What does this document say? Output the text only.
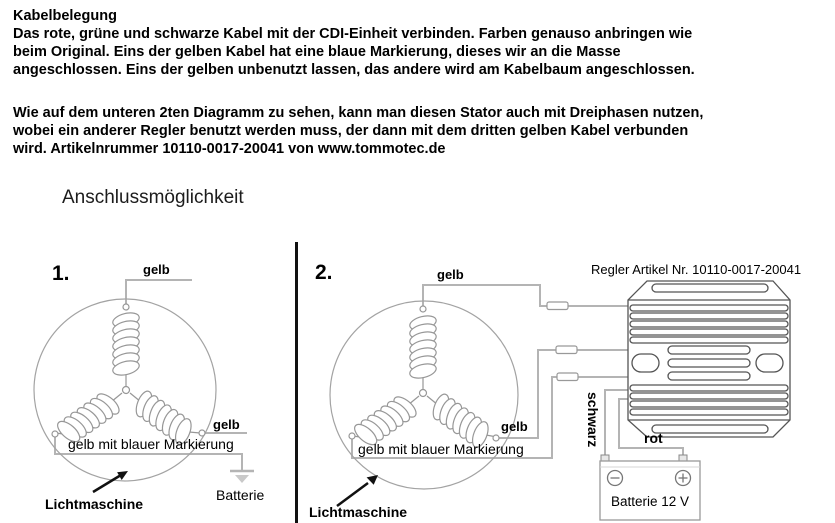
Kabelbelegung
Das rote, grüne und schwarze Kabel mit der CDI-Einheit verbinden. Farben genauso anbringen wie
beim Original. Eins der gelben Kabel hat eine blaue Markierung, dieses wir an die Masse
angeschlossen. Eins der gelben unbenutzt lassen, das andere wird am Kabelbaum angeschlossen.
Wie auf dem unteren 2ten Diagramm zu sehen, kann man diesen Stator auch mit Dreiphasen nutzen,
wobei ein anderer Regler benutzt werden muss, der dann mit dem dritten gelben Kabel verbunden
wird. Artikelnrummer 10110-0017-20041 von www.tommotec.de
Anschlussmöglichkeit
1.	gelb
gelb
gelb mit blauer Markierung
Lichtmaschine
Batterie
2.	Regler Artikel Nr. 10110-0017-20041
gelb
gelb
gelb mit blauer Markierung
schwarz	rot
Lichtmaschine
Batterie 12 V
